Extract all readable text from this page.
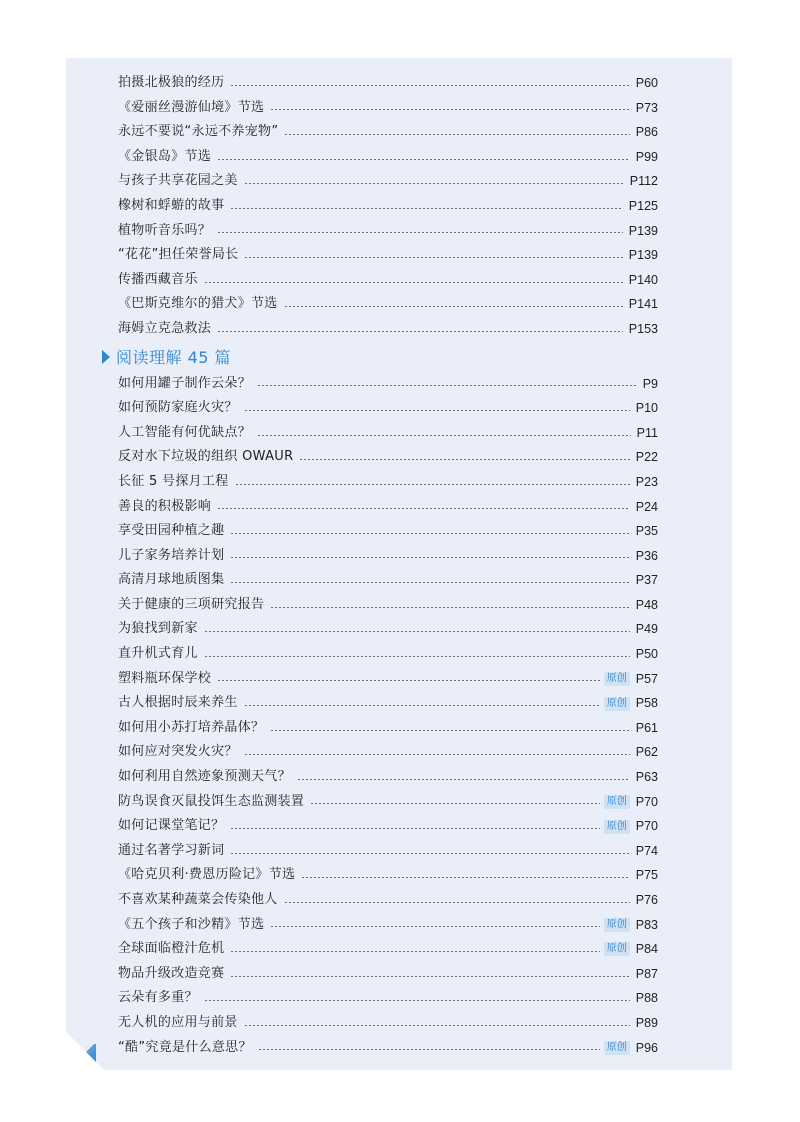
拍摄北极狼的经历	P60
《爱丽丝漫游仙境》节选	P73
永远不要说“永远不养宠物”	P86
《金银岛》节选	P99
与孩子共享花园之美	P112
橡树和蜉蝣的故事	P125
植物听音乐吗？	P139
“花花”担任荣誉局长	P139
传播西藏音乐	P140
《巴斯克维尔的猎犬》节选	P141
海姆立克急救法	P153
阅读理解 45 篇
如何用罐子制作云朵？	P9
如何预防家庭火灾？	P10
人工智能有何优缺点？	P11
反对水下垃圾的组织 OWAUR	P22
长征 5 号探月工程	P23
善良的积极影响	P24
享受田园种植之趣	P35
儿子家务培养计划	P36
高清月球地质图集	P37
关于健康的三项研究报告	P48
为狼找到新家	P49
直升机式育儿	P50
塑料瓶环保学校	原创 P57
古人根据时辰来养生	原创 P58
如何用小苏打培养晶体？	P61
如何应对突发火灾？	P62
如何利用自然迹象预测天气？	P63
防鸟误食灭鼠投饵生态监测装置	原创 P70
如何记课堂笔记？	原创 P70
通过名著学习新词	P74
《哈克贝利·费恩历险记》节选	P75
不喜欢某种蔬菜会传染他人	P76
《五个孩子和沙精》节选	原创 P83
全球面临橙汁危机	原创 P84
物品升级改造竞赛	P87
云朵有多重？	P88
无人机的应用与前景	P89
“酷”究竟是什么意思？	原创 P96
